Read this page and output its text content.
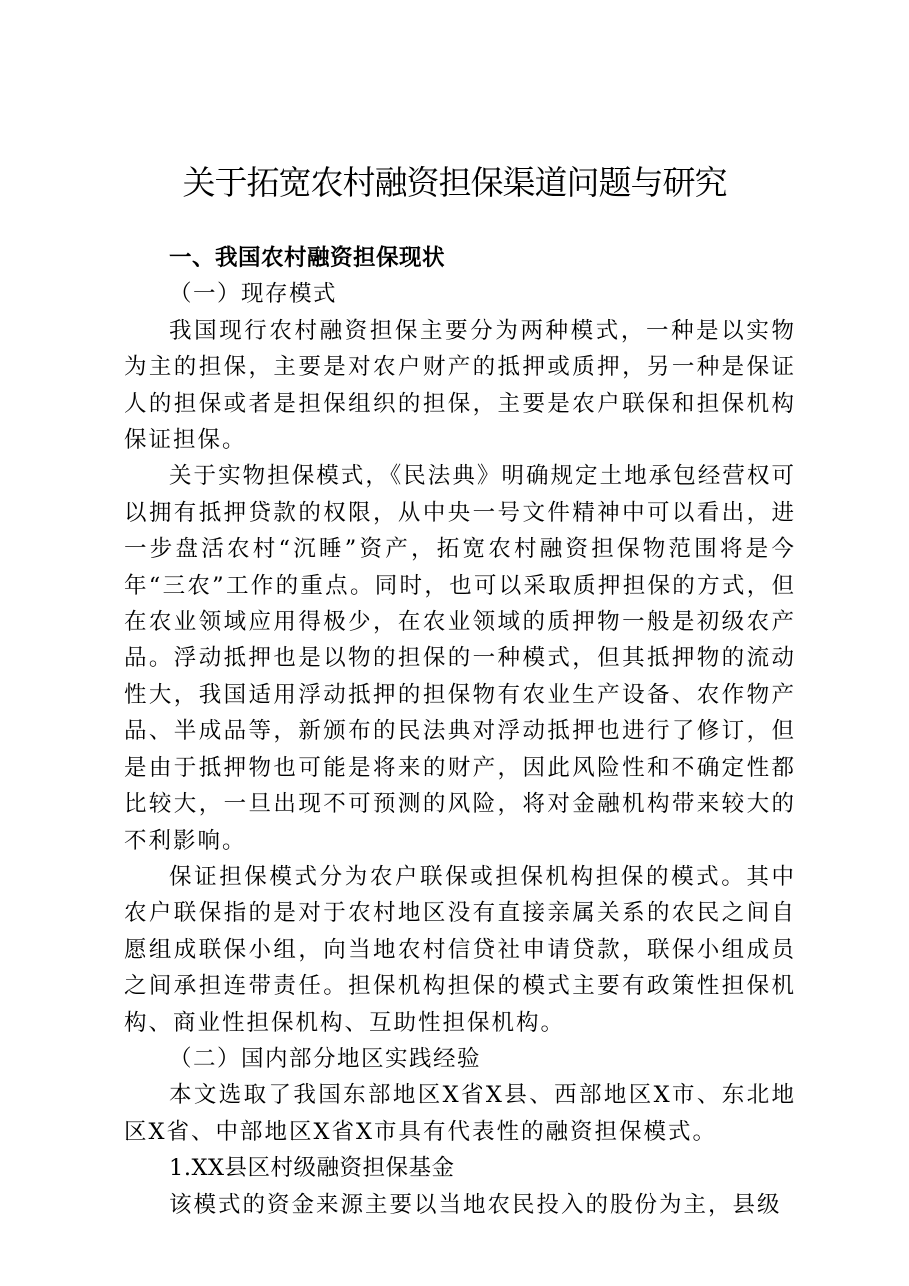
关于拓宽农村融资担保渠道问题与研究

一、我国农村融资担保现状

（一）现存模式

我国现行农村融资担保主要分为两种模式，一种是以实物为主的担保，主要是对农户财产的抵押或质押，另一种是保证人的担保或者是担保组织的担保，主要是农户联保和担保机构保证担保。

关于实物担保模式，《民法典》明确规定土地承包经营权可以拥有抵押贷款的权限，从中央一号文件精神中可以看出，进一步盘活农村“沉睡”资产，拓宽农村融资担保物范围将是今年“三农”工作的重点。同时，也可以采取质押担保的方式，但在农业领域应用得极少，在农业领域的质押物一般是初级农产品。浮动抵押也是以物的担保的一种模式，但其抵押物的流动性大，我国适用浮动抵押的担保物有农业生产设备、农作物产品、半成品等，新颁布的民法典对浮动抵押也进行了修订，但是由于抵押物也可能是将来的财产，因此风险性和不确定性都比较大，一旦出现不可预测的风险，将对金融机构带来较大的不利影响。

保证担保模式分为农户联保或担保机构担保的模式。其中农户联保指的是对于农村地区没有直接亲属关系的农民之间自愿组成联保小组，向当地农村信贷社申请贷款，联保小组成员之间承担连带责任。担保机构担保的模式主要有政策性担保机构、商业性担保机构、互助性担保机构。

（二）国内部分地区实践经验

本文选取了我国东部地区X省X县、西部地区X市、东北地区X省、中部地区X省X市具有代表性的融资担保模式。

1.XX县区村级融资担保基金

该模式的资金来源主要以当地农民投入的股份为主，县级
